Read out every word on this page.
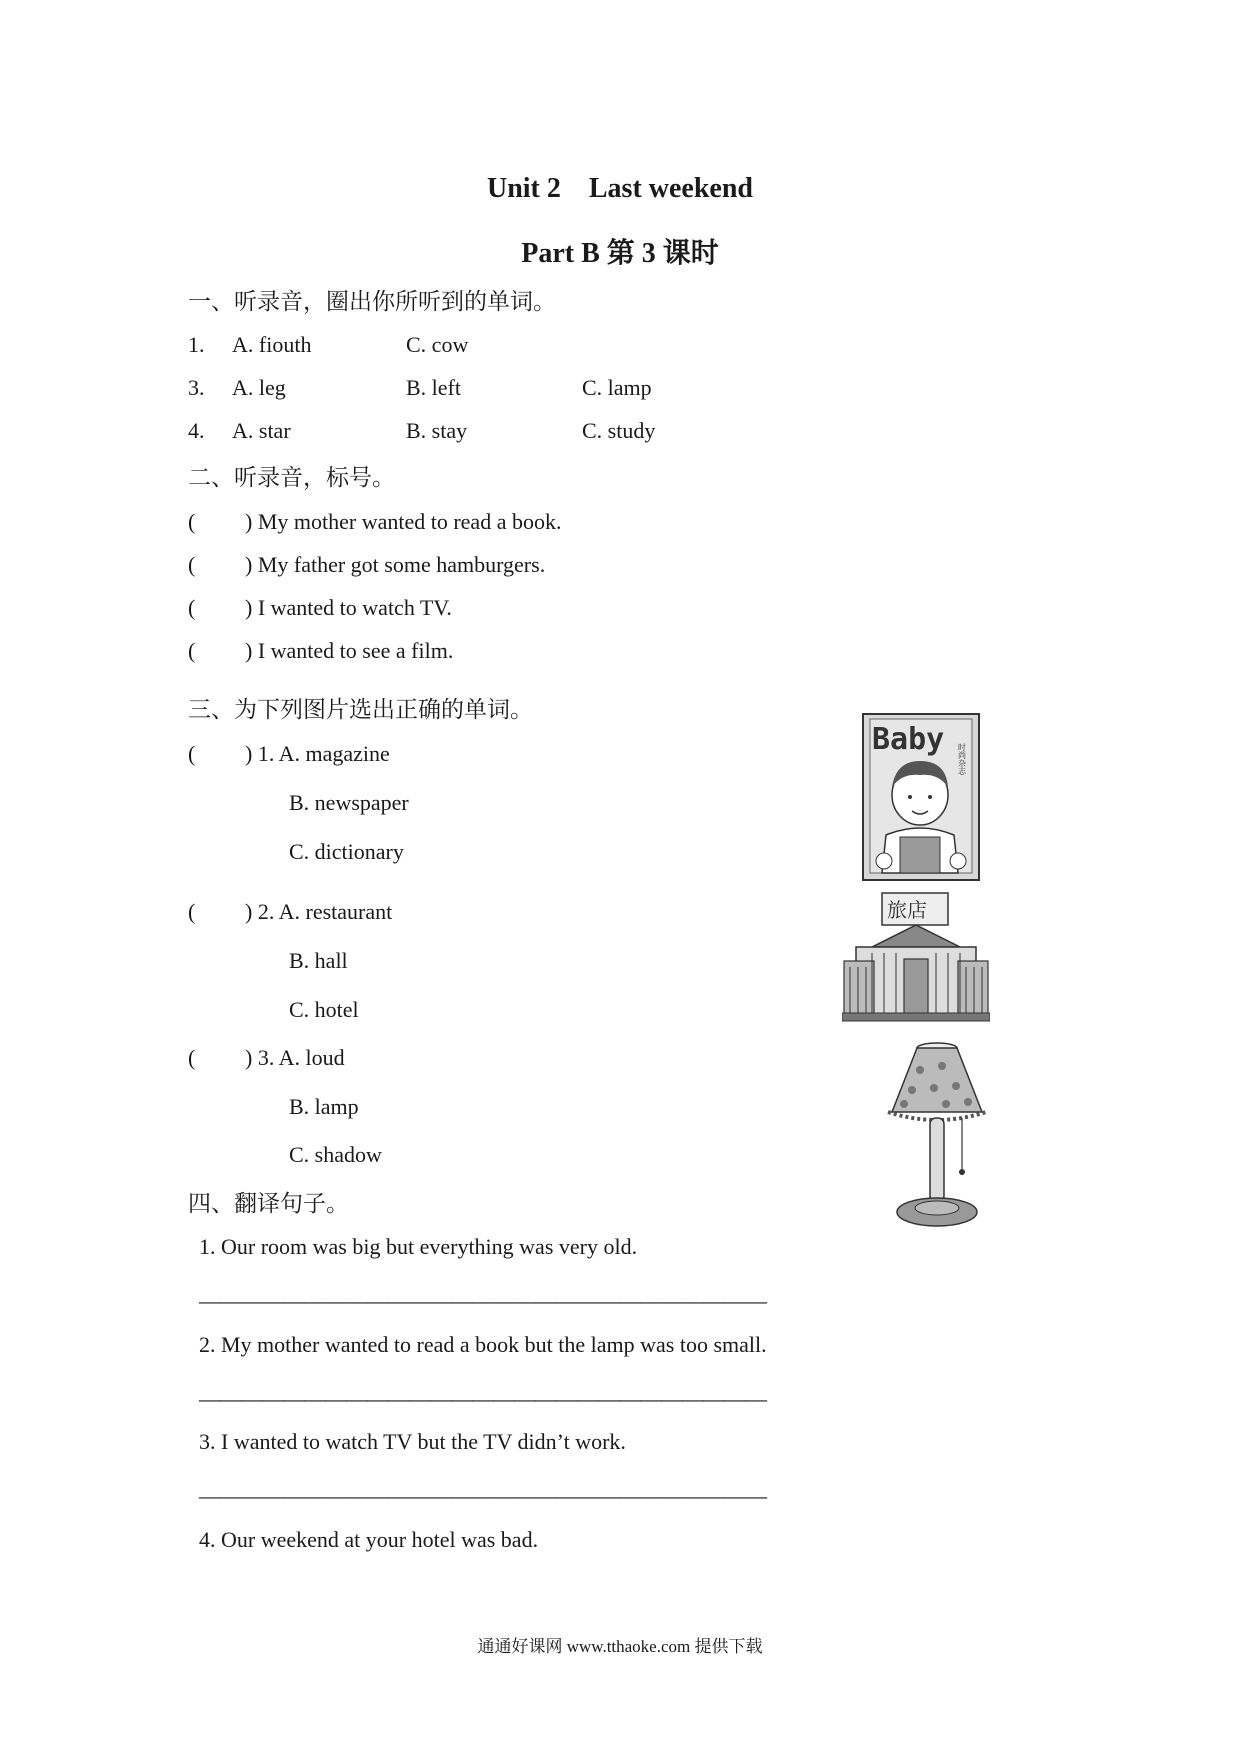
Unit 2　Last weekend
Part B 第 3 课时
一、听录音，圈出你所听到的单词。
1. A. fiouth	C. cow
3. A. leg	B. left	C. lamp
4. A. star	B. stay	C. study
二、听录音，标号。
( ) My mother wanted to read a book.
( ) My father got some hamburgers.
( ) I wanted to watch TV.
( ) I wanted to see a film.
三、为下列图片选出正确的单词。
( ) 1. A. magazine
B. newspaper
C. dictionary
( ) 2. A. restaurant
B. hall
C. hotel
( ) 3. A. loud
B. lamp
C. shadow
Baby
时尚杂志
旅店
四、翻译句子。
1. Our room was big but everything was very old.
———————————————————————————
2. My mother wanted to read a book but the lamp was too small.
———————————————————————————
3. I wanted to watch TV but the TV didn’t work.
———————————————————————————
4. Our weekend at your hotel was bad.
通通好课网 www.tthaoke.com 提供下载
